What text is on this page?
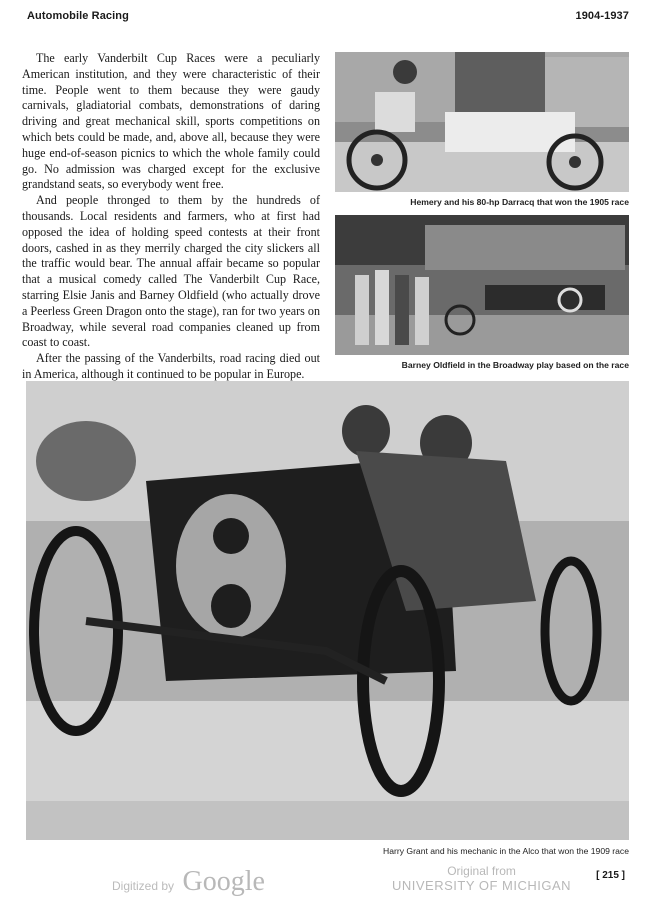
Automobile Racing	1904-1937

The early Vanderbilt Cup Races were a peculiarly American institution, and they were characteristic of their time. People went to them because they were gaudy carnivals, gladiatorial combats, demonstrations of daring driving and great mechanical skill, sports competitions on which bets could be made, and, above all, because they were huge end-of-season picnics to which the whole family could go. No admission was charged except for the exclusive grandstand seats, so everybody went free.

And people thronged to them by the hundreds of thousands. Local residents and farmers, who at first had opposed the idea of holding speed contests at their front doors, cashed in as they merrily charged the city slickers all the traffic would bear. The annual affair became so popular that a musical comedy called The Vanderbilt Cup Race, starring Elsie Janis and Barney Oldfield (who actually drove a Peerless Green Dragon onto the stage), ran for two years on Broadway, while several road companies cleaned up from coast to coast.

After the passing of the Vanderbilts, road racing died out in America, although it continued to be popular in Europe.

Hemery and his 80-hp Darracq that won the 1905 race
Barney Oldfield in the Broadway play based on the race
Harry Grant and his mechanic in the Alco that won the 1909 race
Digitized by Google	Original from
UNIVERSITY OF MICHIGAN
[ 215 ]
